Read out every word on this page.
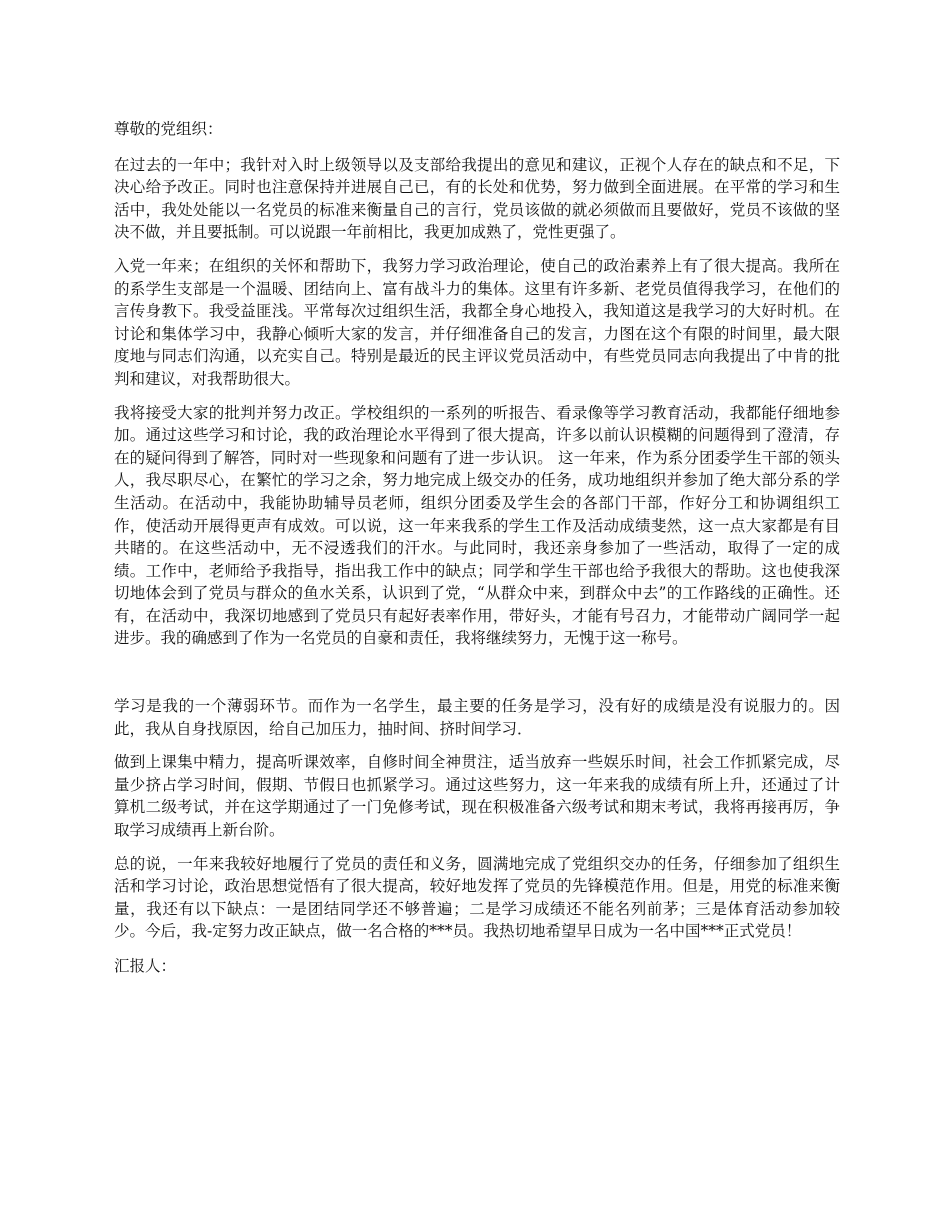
尊敬的党组织：

在过去的一年中；我针对入时上级领导以及支部给我提出的意见和建议，正视个人存在的缺点和不足，下决心给予改正。同时也注意保持并进展自己已，有的长处和优势，努力做到全面进展。在平常的学习和生活中，我处处能以一名党员的标准来衡量自己的言行，党员该做的就必须做而且要做好，党员不该做的坚决不做，并且要抵制。可以说跟一年前相比，我更加成熟了，党性更强了。

入党一年来；在组织的关怀和帮助下，我努力学习政治理论，使自己的政治素养上有了很大提高。我所在的系学生支部是一个温暖、团结向上、富有战斗力的集体。这里有许多新、老党员值得我学习，在他们的言传身教下。我受益匪浅。平常每次过组织生活，我都全身心地投入，我知道这是我学习的大好时机。在讨论和集体学习中，我静心倾听大家的发言，并仔细准备自己的发言，力图在这个有限的时间里，最大限度地与同志们沟通，以充实自己。特别是最近的民主评议党员活动中，有些党员同志向我提出了中肯的批判和建议，对我帮助很大。

我将接受大家的批判并努力改正。学校组织的一系列的听报告、看录像等学习教育活动，我都能仔细地参加。通过这些学习和讨论，我的政治理论水平得到了很大提高，许多以前认识模糊的问题得到了澄清，存在的疑问得到了解答，同时对一些现象和问题有了进一步认识。 这一年来，作为系分团委学生干部的领头人，我尽职尽心，在繁忙的学习之余，努力地完成上级交办的任务，成功地组织并参加了绝大部分系的学生活动。在活动中，我能协助辅导员老师，组织分团委及学生会的各部门干部，作好分工和协调组织工作，使活动开展得更声有成效。可以说，这一年来我系的学生工作及活动成绩斐然，这一点大家都是有目共睹的。在这些活动中，无不浸透我们的汗水。与此同时，我还亲身参加了一些活动，取得了一定的成绩。工作中，老师给予我指导，指出我工作中的缺点；同学和学生干部也给予我很大的帮助。这也使我深切地体会到了党员与群众的鱼水关系，认识到了党，“从群众中来，到群众中去”的工作路线的正确性。还有，在活动中，我深切地感到了党员只有起好表率作用，带好头，才能有号召力，才能带动广阔同学一起进步。我的确感到了作为一名党员的自豪和责任，我将继续努力，无愧于这一称号。

学习是我的一个薄弱环节。而作为一名学生，最主要的任务是学习，没有好的成绩是没有说服力的。因此，我从自身找原因，给自己加压力，抽时间、挤时间学习．

做到上课集中精力，提高听课效率，自修时间全神贯注，适当放弃一些娱乐时间，社会工作抓紧完成，尽量少挤占学习时间，假期、节假日也抓紧学习。通过这些努力，这一年来我的成绩有所上升，还通过了计算机二级考试，并在这学期通过了一门免修考试，现在积极准备六级考试和期末考试，我将再接再厉，争取学习成绩再上新台阶。

总的说，一年来我较好地履行了党员的责任和义务，圆满地完成了党组织交办的任务，仔细参加了组织生活和学习讨论，政治思想觉悟有了很大提高，较好地发挥了党员的先锋模范作用。但是，用党的标准来衡量，我还有以下缺点：一是团结同学还不够普遍；二是学习成绩还不能名列前茅；三是体育活动参加较少。今后，我-定努力改正缺点，做一名合格的***员。我热切地希望早日成为一名中国***正式党员！

汇报人：
